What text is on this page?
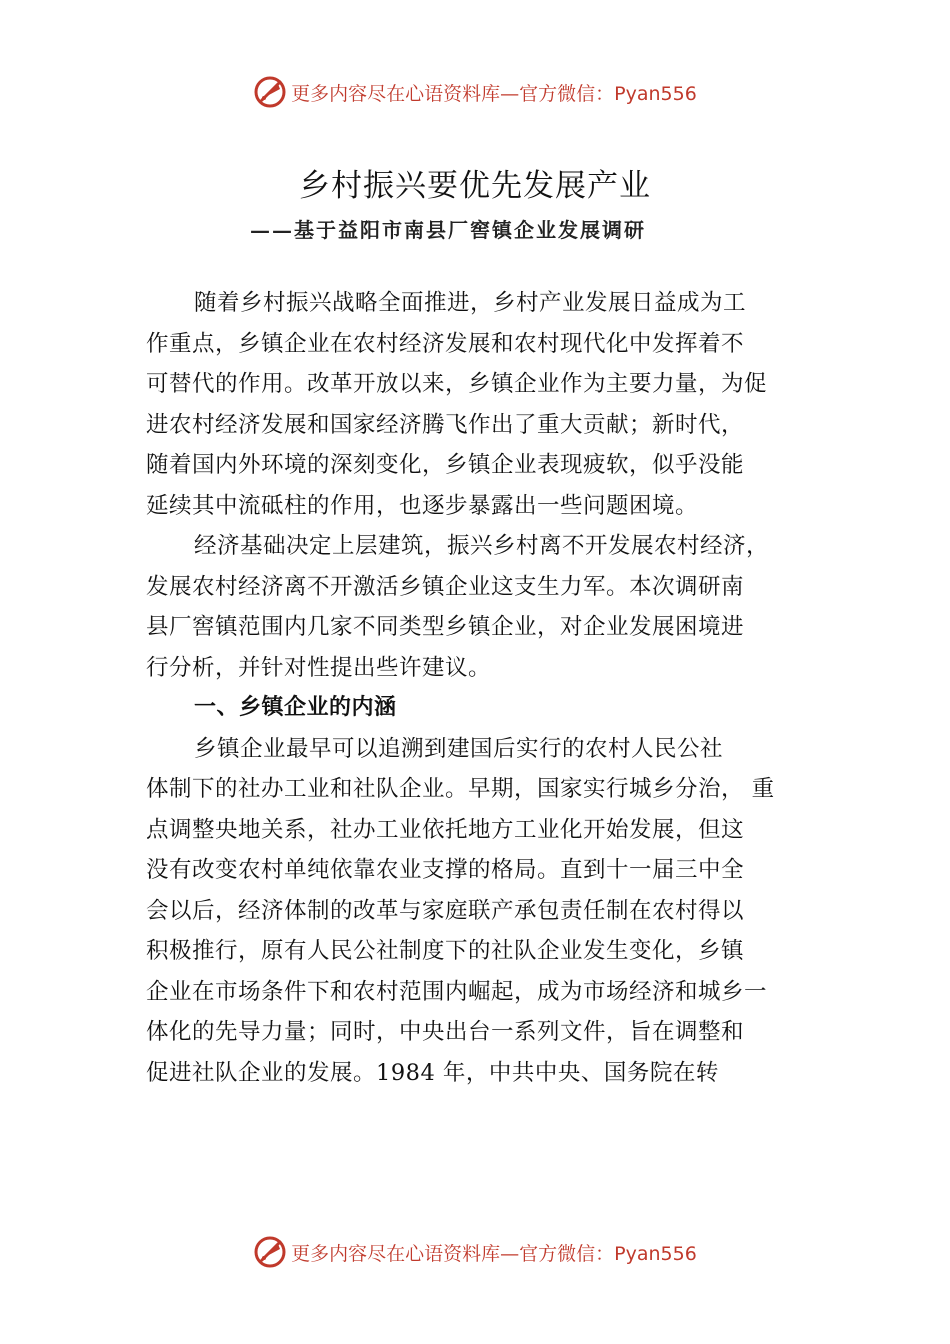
更多内容尽在心语资料库—官方微信：Pyan556
乡村振兴要优先发展产业
——基于益阳市南县厂窖镇企业发展调研
随着乡村振兴战略全面推进，乡村产业发展日益成为工
作重点，乡镇企业在农村经济发展和农村现代化中发挥着不
可替代的作用。改革开放以来，乡镇企业作为主要力量，为促
进农村经济发展和国家经济腾飞作出了重大贡献；新时代，
随着国内外环境的深刻变化，乡镇企业表现疲软，似乎没能
延续其中流砥柱的作用，也逐步暴露出一些问题困境。
经济基础决定上层建筑，振兴乡村离不开发展农村经济，
发展农村经济离不开激活乡镇企业这支生力军。本次调研南
县厂窖镇范围内几家不同类型乡镇企业，对企业发展困境进
行分析，并针对性提出些许建议。
一、乡镇企业的内涵
乡镇企业最早可以追溯到建国后实行的农村人民公社
体制下的社办工业和社队企业。早期，国家实行城乡分治， 重
点调整央地关系，社办工业依托地方工业化开始发展，但这
没有改变农村单纯依靠农业支撑的格局。直到十一届三中全
会以后，经济体制的改革与家庭联产承包责任制在农村得以
积极推行，原有人民公社制度下的社队企业发生变化，乡镇
企业在市场条件下和农村范围内崛起，成为市场经济和城乡一
体化的先导力量；同时，中央出台一系列文件，旨在调整和
促进社队企业的发展。1984 年，中共中央、国务院在转
更多内容尽在心语资料库—官方微信：Pyan556
